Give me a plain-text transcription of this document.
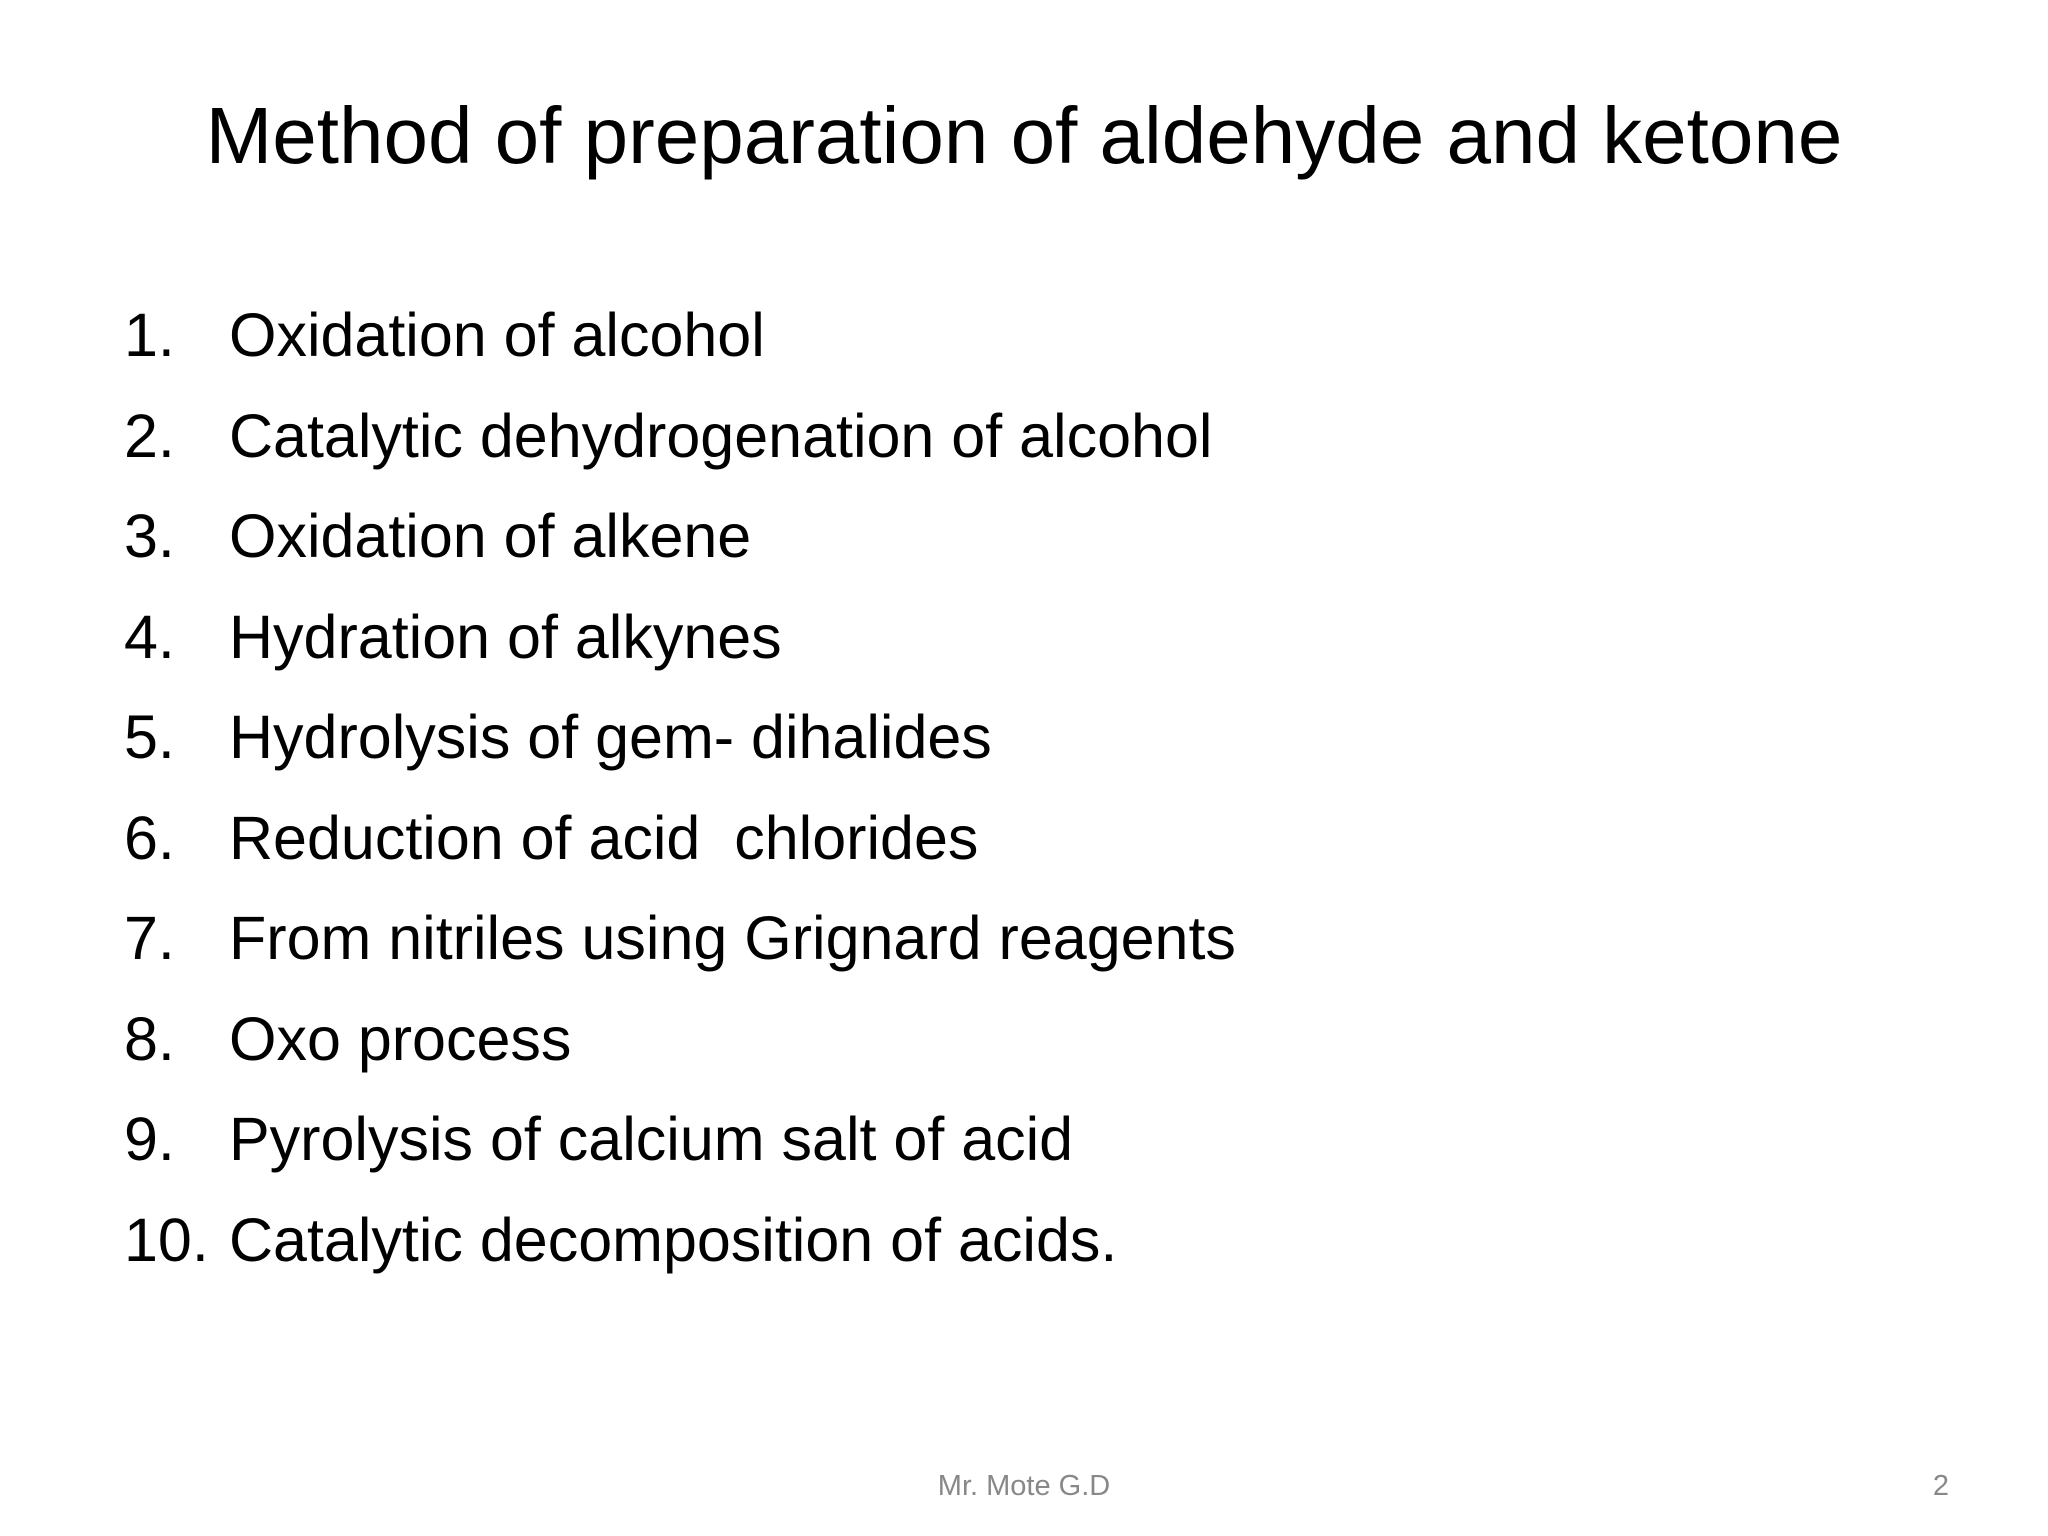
Method of preparation of aldehyde and ketone
1. Oxidation of alcohol
2. Catalytic dehydrogenation of alcohol
3. Oxidation of alkene
4. Hydration of alkynes
5. Hydrolysis of gem- dihalides
6. Reduction of acid  chlorides
7. From nitriles using Grignard reagents
8. Oxo process
9. Pyrolysis of calcium salt of acid
10. Catalytic decomposition of acids.
Mr. Mote G.D	2
